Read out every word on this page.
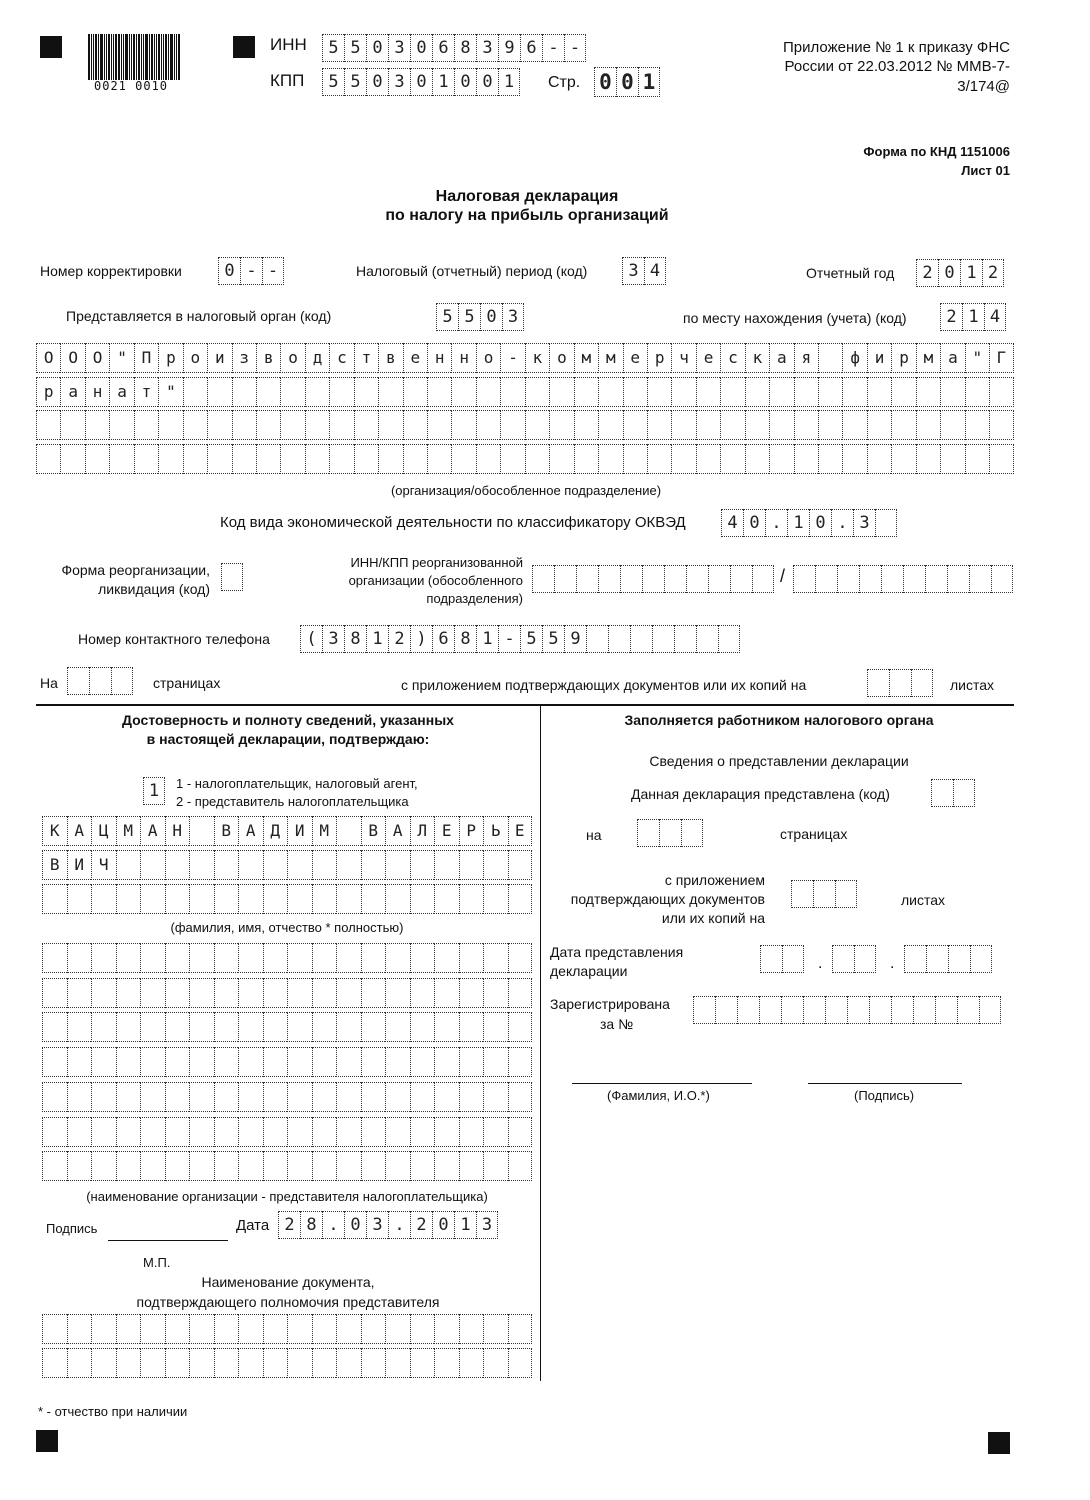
0021 0010
ИНН	5 5 0 3 0 6 8 3 9 6 - -
КПП	5 5 0 3 0 1 0 0 1	Стр. 0 0 1
Приложение № 1 к приказу ФНС
России от 22.03.2012 № ММВ-7-
3/174@
Форма по КНД 1151006
Лист 01
Налоговая декларация
по налогу на прибыль организаций
Номер корректировки	0 - -	Налоговый (отчетный) период (код)	3 4	Отчетный год	2 0 1 2
Представляется в налоговый орган (код)	5 5 0 3	по месту нахождения (учета) (код)	2 1 4
О О О " П р о и з в о д с т в е н н о - к о м м е р ч е с к а я	ф и р м а " Г
р а н а т "
(организация/обособленное подразделение)
Код вида экономической деятельности по классификатору ОКВЭД	4 0 . 1 0 . 3
Форма реорганизации,
ликвидация (код)
ИНН/КПП реорганизованной
организации (обособленного
подразделения)
/
Номер контактного телефона	( 3 8 1 2 ) 6 8 1 - 5 5 9
На	страницах	с приложением подтверждающих документов или их копий на	листах
Достоверность и полноту сведений, указанных
в настоящей декларации, подтверждаю:
1	1 - налогоплательщик, налоговый агент,
2 - представитель налогоплательщика
К А Ц М А Н	В А Д И М	В А Л Е Р Ь Е
В И Ч
(фамилия, имя, отчество * полностью)
(наименование организации - представителя налогоплательщика)
Подпись	Дата 2 8 . 0 3 . 2 0 1 3
М.П.
Наименование документа,
подтверждающего полномочия представителя
Заполняется работником налогового органа
Сведения о представлении декларации
Данная декларация представлена (код)
на	страницах
с приложением
подтверждающих документов
или их копий на
листах
Дата представления
декларации	.	.
Зарегистрирована
за №
(Фамилия, И.О.*)	(Подпись)
* - отчество при наличии
